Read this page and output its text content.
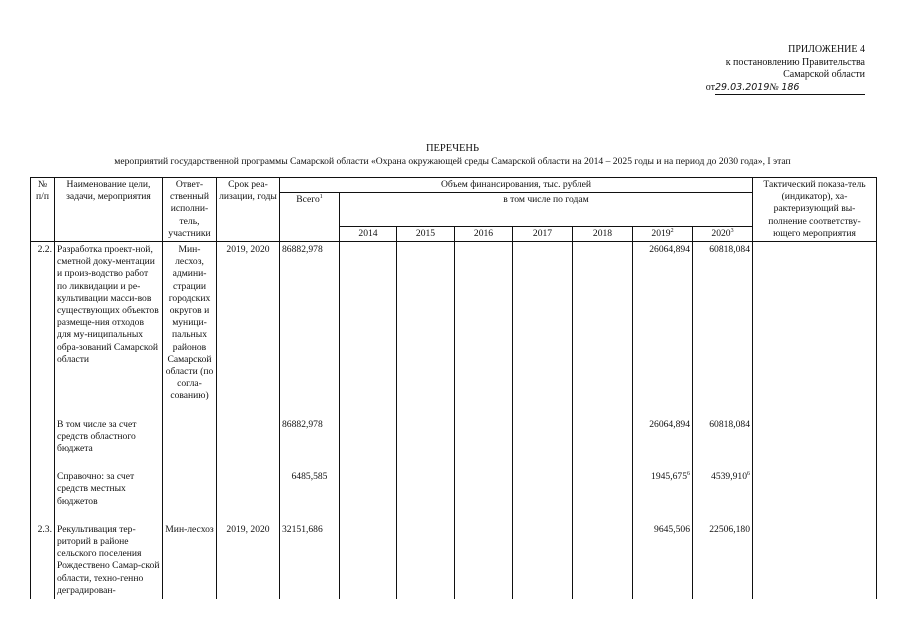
ПРИЛОЖЕНИЕ 4
к постановлению Правительства
Самарской области
от29.03.2019№ 186
ПЕРЕЧЕНЬ
мероприятий государственной программы Самарской области «Охрана окружающей среды Самарской области на 2014 – 2025 годы и на период до 2030 года», I этап
№ п/п	Наименование цели, задачи, мероприятия	Ответ-ственный исполни-тель, участники	Срок реа-лизации, годы	Объем финансирования, тыс. рублей								Тактический показа-тель (индикатор), ха-рактеризующий вы-полнение соответству-ющего мероприятия
				Всего$^1$	в том числе по годам							
					2014	2015	2016	2017	2018	2019$^2$	2020$^3$
2.2.	Разработка проект-ной, сметной доку-ментации и произ-водство работ по ликвидации и ре-культивации масси-вов существующих объектов размеще-ния отходов для му-ниципальных обра-зований Самарской области	Мин-лесхоз, админи-страции городских округов и муници-пальных районов Самарской области (по согла-сованию)	2019, 2020	86882,978						26064,894	60818,084	

	В том числе за счет средств областного бюджета			86882,978						26064,894	60818,084	

	Справочно: за счет средств местных бюджетов			6485,585						1945,675$^6$	4539,910$^6$	

2.3.	Рекультивация тер-риторий в районе сельского поселения Рождествено Самар-ской области, техно-генно деградирован-	Мин-лесхоз	2019, 2020	32151,686						9645,506	22506,180	
